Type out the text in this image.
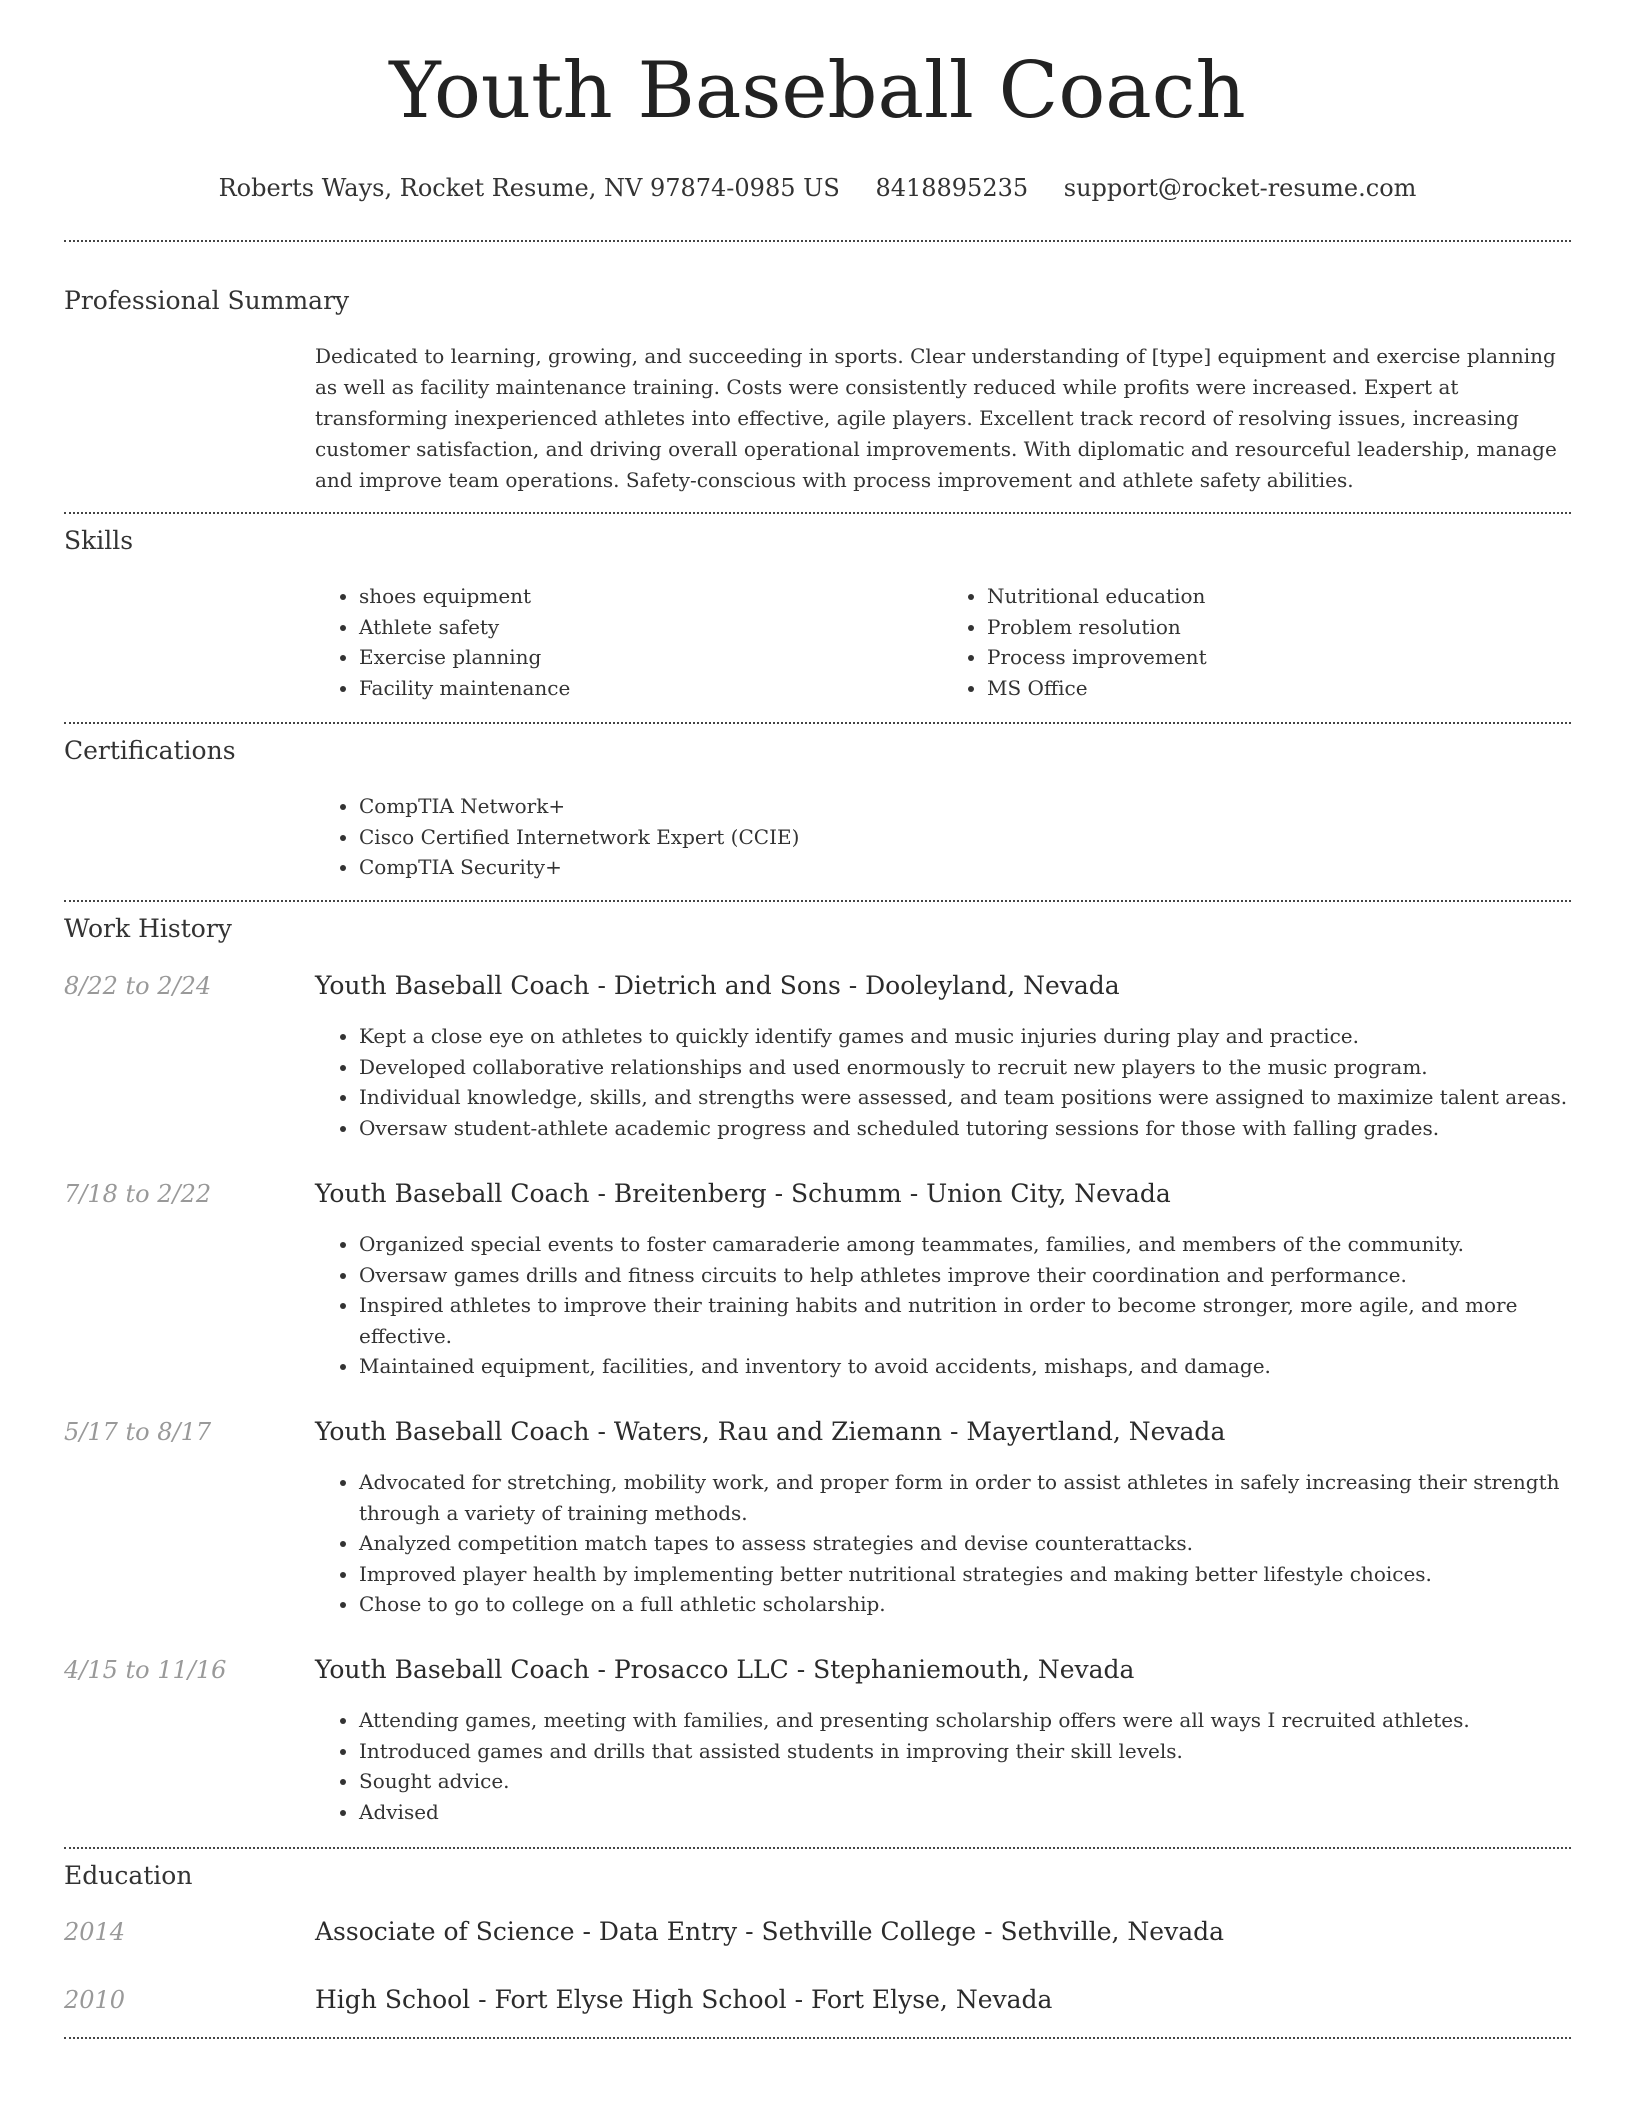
Youth Baseball Coach
Roberts Ways, Rocket Resume, NV 97874-0985 US 8418895235 support@rocket-resume.com
Professional Summary
Dedicated to learning, growing, and succeeding in sports. Clear understanding of [type] equipment and exercise planning as well as facility maintenance training. Costs were consistently reduced while profits were increased. Expert at transforming inexperienced athletes into effective, agile players. Excellent track record of resolving issues, increasing customer satisfaction, and driving overall operational improvements. With diplomatic and resourceful leadership, manage and improve team operations. Safety-conscious with process improvement and athlete safety abilities.
Skills
• shoes equipment
• Athlete safety
• Exercise planning
• Facility maintenance
• Nutritional education
• Problem resolution
• Process improvement
• MS Office
Certifications
• CompTIA Network+
• Cisco Certified Internetwork Expert (CCIE)
• CompTIA Security+
Work History
8/22 to 2/24	Youth Baseball Coach - Dietrich and Sons - Dooleyland, Nevada
• Kept a close eye on athletes to quickly identify games and music injuries during play and practice.
• Developed collaborative relationships and used enormously to recruit new players to the music program.
• Individual knowledge, skills, and strengths were assessed, and team positions were assigned to maximize talent areas.
• Oversaw student-athlete academic progress and scheduled tutoring sessions for those with falling grades.
7/18 to 2/22	Youth Baseball Coach - Breitenberg - Schumm - Union City, Nevada
• Organized special events to foster camaraderie among teammates, families, and members of the community.
• Oversaw games drills and fitness circuits to help athletes improve their coordination and performance.
• Inspired athletes to improve their training habits and nutrition in order to become stronger, more agile, and more effective.
• Maintained equipment, facilities, and inventory to avoid accidents, mishaps, and damage.
5/17 to 8/17	Youth Baseball Coach - Waters, Rau and Ziemann - Mayertland, Nevada
• Advocated for stretching, mobility work, and proper form in order to assist athletes in safely increasing their strength through a variety of training methods.
• Analyzed competition match tapes to assess strategies and devise counterattacks.
• Improved player health by implementing better nutritional strategies and making better lifestyle choices.
• Chose to go to college on a full athletic scholarship.
4/15 to 11/16	Youth Baseball Coach - Prosacco LLC - Stephaniemouth, Nevada
• Attending games, meeting with families, and presenting scholarship offers were all ways I recruited athletes.
• Introduced games and drills that assisted students in improving their skill levels.
• Sought advice.
• Advised
Education
2014	Associate of Science - Data Entry - Sethville College - Sethville, Nevada
2010	High School - Fort Elyse High School - Fort Elyse, Nevada
